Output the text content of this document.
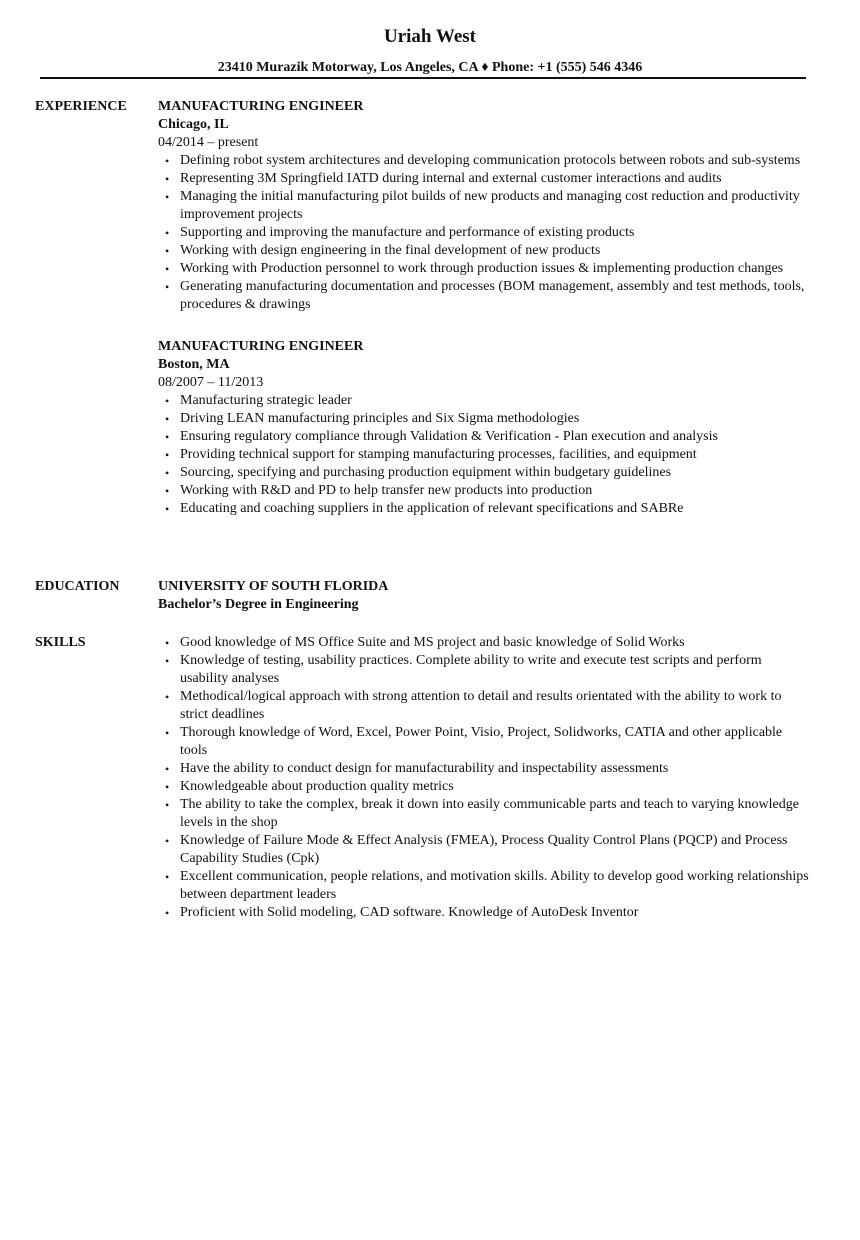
Uriah West
23410 Murazik Motorway, Los Angeles, CA ♦ Phone: +1 (555) 546 4346
EXPERIENCE MANUFACTURING ENGINEER
Chicago, IL
04/2014 – present
• Defining robot system architectures and developing communication protocols between robots and sub-systems
• Representing 3M Springfield IATD during internal and external customer interactions and audits
• Managing the initial manufacturing pilot builds of new products and managing cost reduction and productivity improvement projects
• Supporting and improving the manufacture and performance of existing products
• Working with design engineering in the final development of new products
• Working with Production personnel to work through production issues & implementing production changes
• Generating manufacturing documentation and processes (BOM management, assembly and test methods, tools, procedures & drawings
MANUFACTURING ENGINEER
Boston, MA
08/2007 – 11/2013
• Manufacturing strategic leader
• Driving LEAN manufacturing principles and Six Sigma methodologies
• Ensuring regulatory compliance through Validation & Verification - Plan execution and analysis
• Providing technical support for stamping manufacturing processes, facilities, and equipment
• Sourcing, specifying and purchasing production equipment within budgetary guidelines
• Working with R&D and PD to help transfer new products into production
• Educating and coaching suppliers in the application of relevant specifications and SABRe
EDUCATION	UNIVERSITY OF SOUTH FLORIDA
Bachelor’s Degree in Engineering
SKILLS	• Good knowledge of MS Office Suite and MS project and basic knowledge of Solid Works
• Knowledge of testing, usability practices. Complete ability to write and execute test scripts and perform usability analyses
• Methodical/logical approach with strong attention to detail and results orientated with the ability to work to strict deadlines
• Thorough knowledge of Word, Excel, Power Point, Visio, Project, Solidworks, CATIA and other applicable tools
• Have the ability to conduct design for manufacturability and inspectability assessments
• Knowledgeable about production quality metrics
• The ability to take the complex, break it down into easily communicable parts and teach to varying knowledge levels in the shop
• Knowledge of Failure Mode & Effect Analysis (FMEA), Process Quality Control Plans (PQCP) and Process Capability Studies (Cpk)
• Excellent communication, people relations, and motivation skills. Ability to develop good working relationships between department leaders
• Proficient with Solid modeling, CAD software. Knowledge of AutoDesk Inventor
